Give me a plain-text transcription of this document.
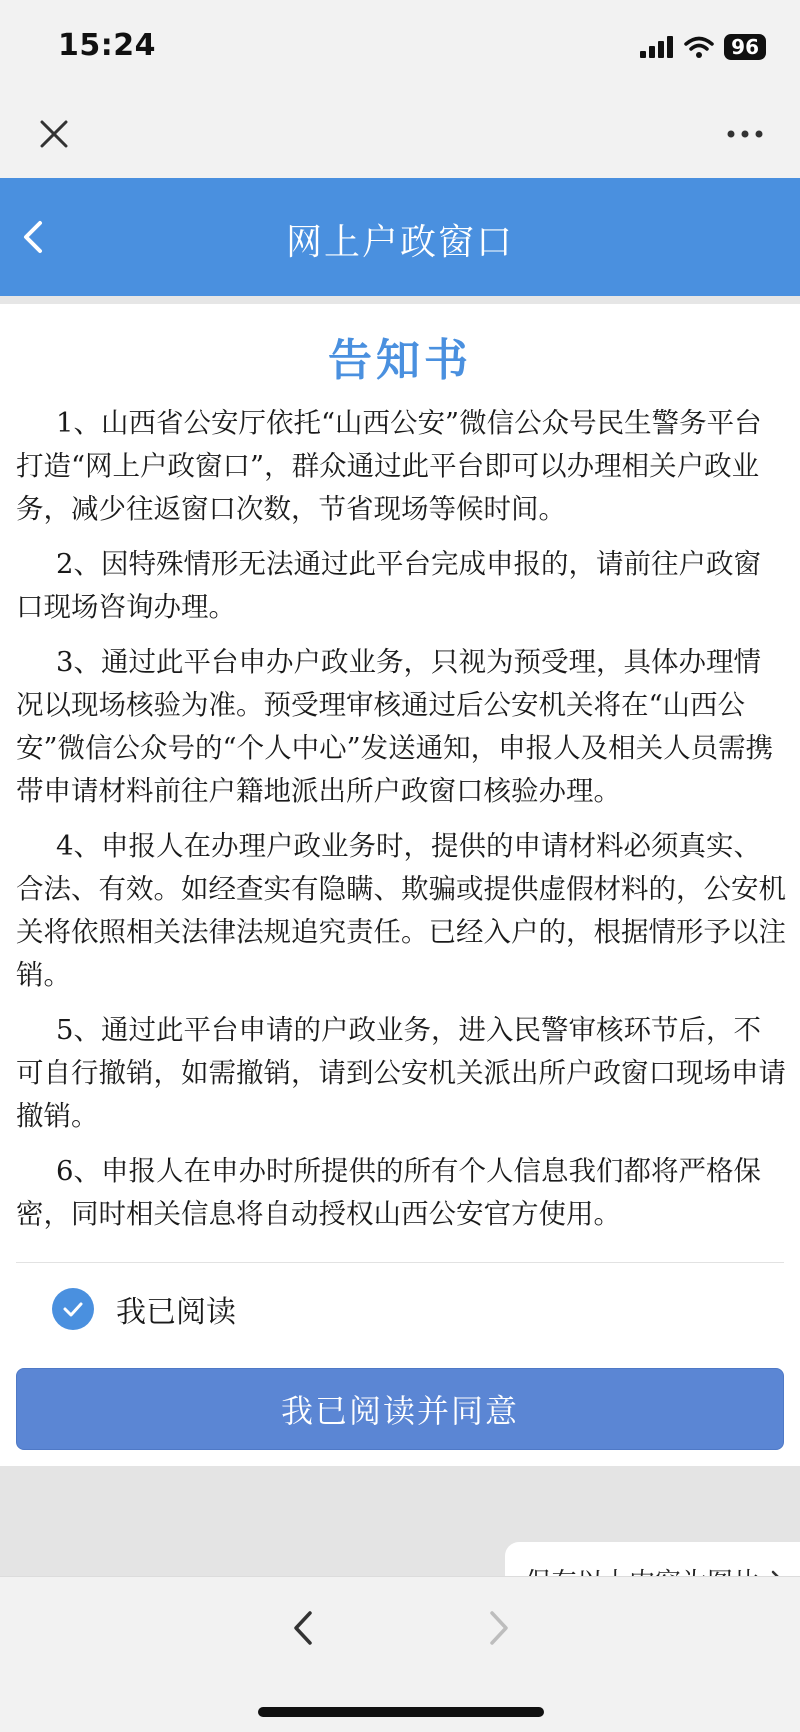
15:24	96
网上户政窗口
告知书

1、山西省公安厅依托“山西公安”微信公众号民生警务平台打造“网上户政窗口”，群众通过此平台即可以办理相关户政业务，减少往返窗口次数，节省现场等候时间。

2、因特殊情形无法通过此平台完成申报的，请前往户政窗口现场咨询办理。

3、通过此平台申办户政业务，只视为预受理，具体办理情况以现场核验为准。预受理审核通过后公安机关将在“山西公安”微信公众号的“个人中心”发送通知，申报人及相关人员需携带申请材料前往户籍地派出所户政窗口核验办理。

4、申报人在办理户政业务时，提供的申请材料必须真实、合法、有效。如经查实有隐瞒、欺骗或提供虚假材料的，公安机关将依照相关法律法规追究责任。已经入户的，根据情形予以注销。

5、通过此平台申请的户政业务，进入民警审核环节后，不可自行撤销，如需撤销，请到公安机关派出所户政窗口现场申请撤销。

6、申报人在申办时所提供的所有个人信息我们都将严格保密，同时相关信息将自动授权山西公安官方使用。

我已阅读
我已阅读并同意
